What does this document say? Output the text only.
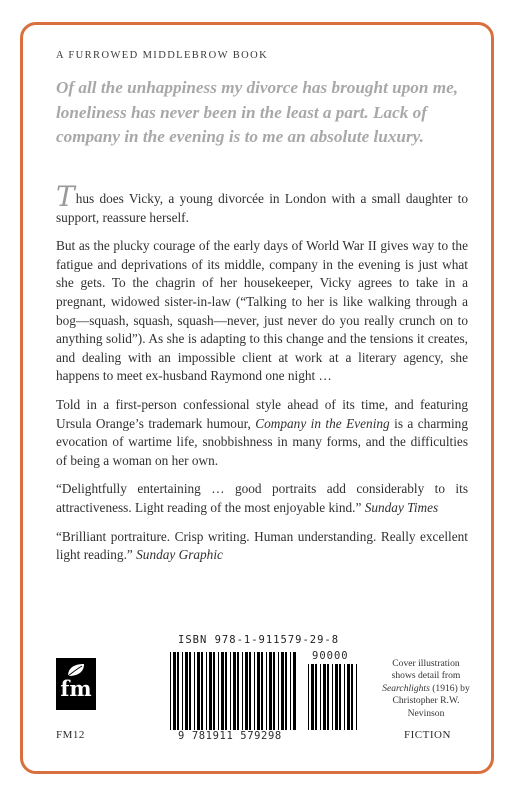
A FURROWED MIDDLEBROW BOOK
Of all the unhappiness my divorce has brought upon me, loneliness has never been in the least a part. Lack of company in the evening is to me an absolute luxury.

Thus does Vicky, a young divorcée in London with a small daughter to support, reassure herself.

But as the plucky courage of the early days of World War II gives way to the fatigue and deprivations of its middle, company in the evening is just what she gets. To the chagrin of her housekeeper, Vicky agrees to take in a pregnant, widowed sister-in-law (“Talking to her is like walking through a bog—squash, squash, squash—never, just never do you really crunch on to anything solid”). As she is adapting to this change and the tensions it creates, and dealing with an impossible client at work at a literary agency, she happens to meet ex-husband Raymond one night …

Told in a first-person confessional style ahead of its time, and featuring Ursula Orange’s trademark humour, Company in the Evening is a charming evocation of wartime life, snobbishness in many forms, and the difficulties of being a woman on her own.

“Delightfully entertaining … good portraits add considerably to its attractiveness. Light reading of the most enjoyable kind.” Sunday Times

“Brilliant portraiture. Crisp writing. Human understanding. Really excellent light reading.” Sunday Graphic

fm
FM12
ISBN 978-1-911579-29-8
90000
9 781911 579298
Cover illustration shows detail from
Searchlights (1916) by Christopher R.W. Nevinson
FICTION
